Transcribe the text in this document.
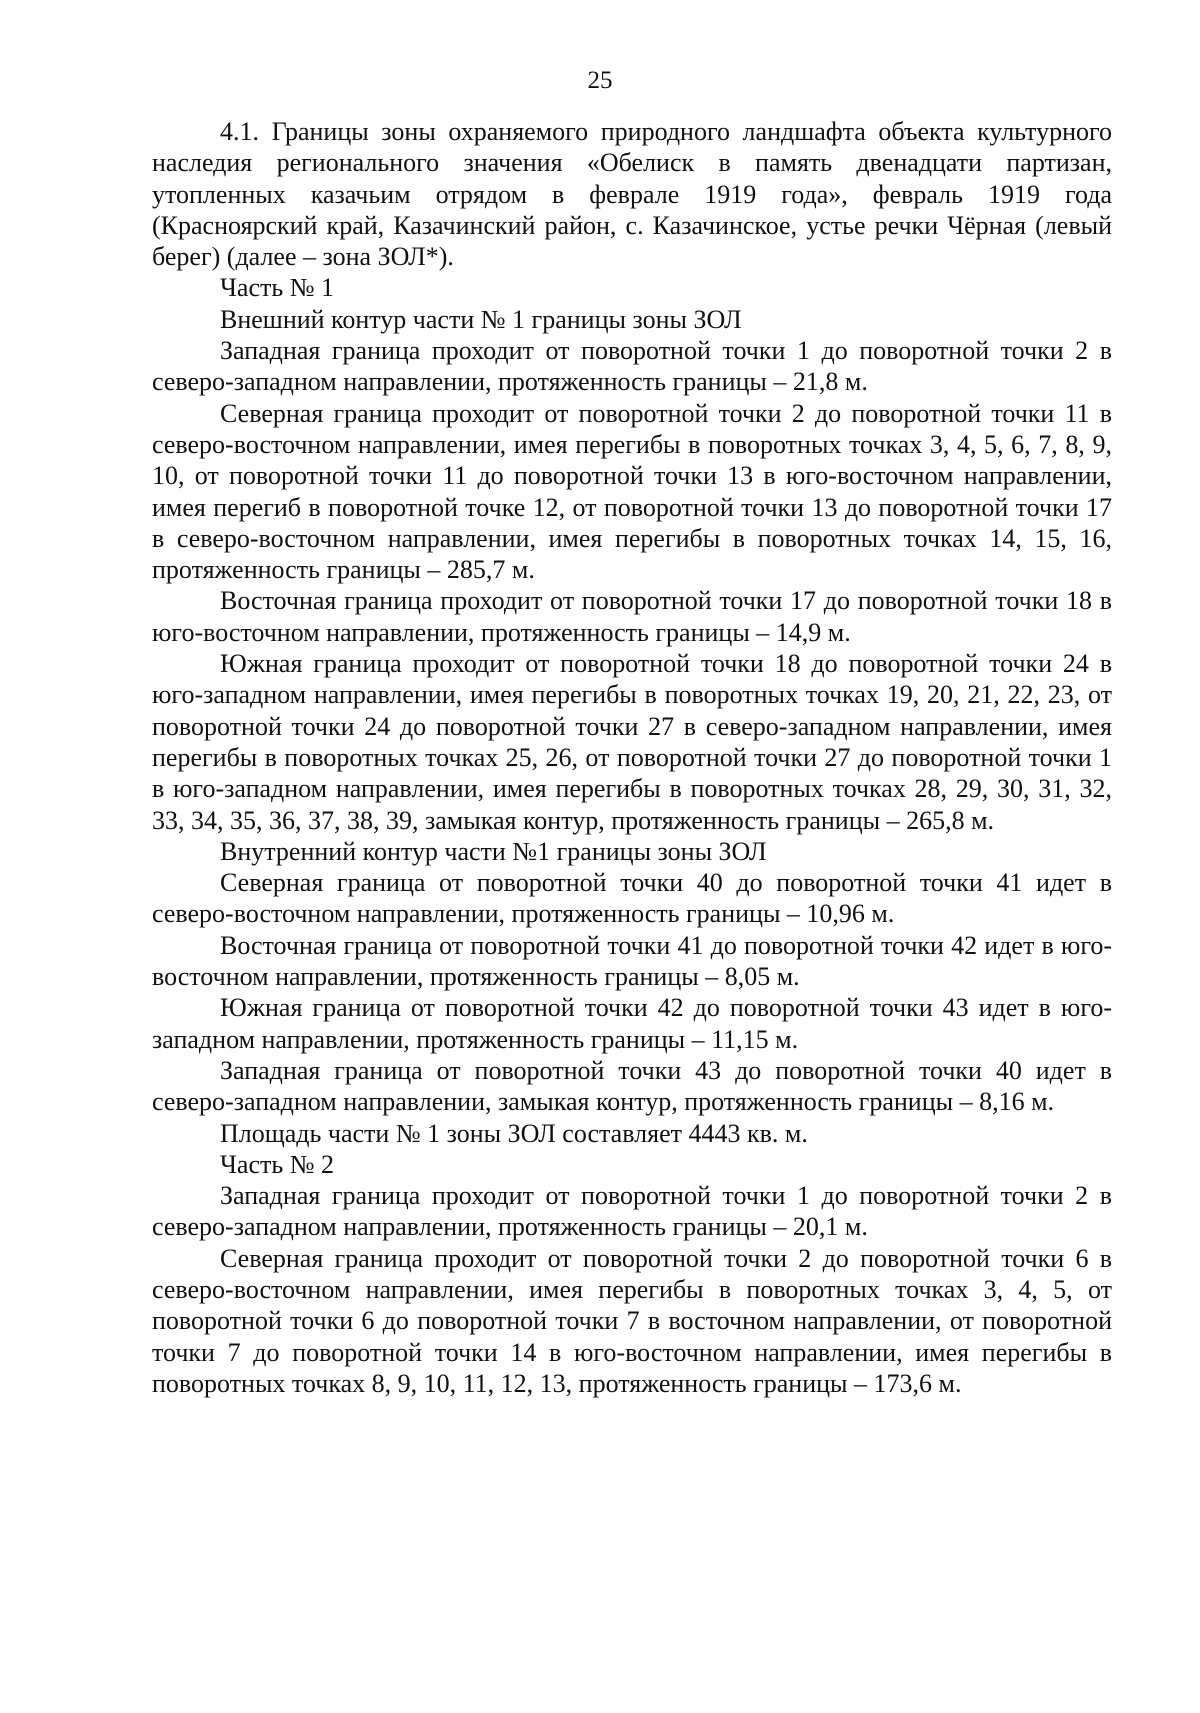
25

4.1. Границы зоны охраняемого природного ландшафта объекта культурного наследия регионального значения «Обелиск в память двенадцати партизан, утопленных казачьим отрядом в феврале 1919 года», февраль 1919 года (Красноярский край, Казачинский район, с. Казачинское, устье речки Чёрная (левый берег) (далее – зона ЗОЛ*).

Часть № 1

Внешний контур части № 1 границы зоны ЗОЛ

Западная граница проходит от поворотной точки 1 до поворотной точки 2 в северо-западном направлении, протяженность границы – 21,8 м.

Северная граница проходит от поворотной точки 2 до поворотной точки 11 в северо-восточном направлении, имея перегибы в поворотных точках 3, 4, 5, 6, 7, 8, 9, 10, от поворотной точки 11 до поворотной точки 13 в юго-восточном направлении, имея перегиб в поворотной точке 12, от поворотной точки 13 до поворотной точки 17 в северо-восточном направлении, имея перегибы в поворотных точках 14, 15, 16, протяженность границы – 285,7 м.

Восточная граница проходит от поворотной точки 17 до поворотной точки 18 в юго-восточном направлении, протяженность границы – 14,9 м.

Южная граница проходит от поворотной точки 18 до поворотной точки 24 в юго-западном направлении, имея перегибы в поворотных точках 19, 20, 21, 22, 23, от поворотной точки 24 до поворотной точки 27 в северо-западном направлении, имея перегибы в поворотных точках 25, 26, от поворотной точки 27 до поворотной точки 1 в юго-западном направлении, имея перегибы в поворотных точках 28, 29, 30, 31, 32, 33, 34, 35, 36, 37, 38, 39, замыкая контур, протяженность границы – 265,8 м.

Внутренний контур части №1 границы зоны ЗОЛ

Северная граница от поворотной точки 40 до поворотной точки 41 идет в северо-восточном направлении, протяженность границы – 10,96 м.

Восточная граница от поворотной точки 41 до поворотной точки 42 идет в юго-восточном направлении, протяженность границы – 8,05 м.

Южная граница от поворотной точки 42 до поворотной точки 43 идет в юго-западном направлении, протяженность границы – 11,15 м.

Западная граница от поворотной точки 43 до поворотной точки 40 идет в северо-западном направлении, замыкая контур, протяженность границы – 8,16 м.

Площадь части № 1 зоны ЗОЛ составляет 4443 кв. м.

Часть № 2

Западная граница проходит от поворотной точки 1 до поворотной точки 2 в северо-западном направлении, протяженность границы – 20,1 м.

Северная граница проходит от поворотной точки 2 до поворотной точки 6 в северо-восточном направлении, имея перегибы в поворотных точках 3, 4, 5, от поворотной точки 6 до поворотной точки 7 в восточном направлении, от поворотной точки 7 до поворотной точки 14 в юго-восточном направлении, имея перегибы в поворотных точках 8, 9, 10, 11, 12, 13, протяженность границы – 173,6 м.
